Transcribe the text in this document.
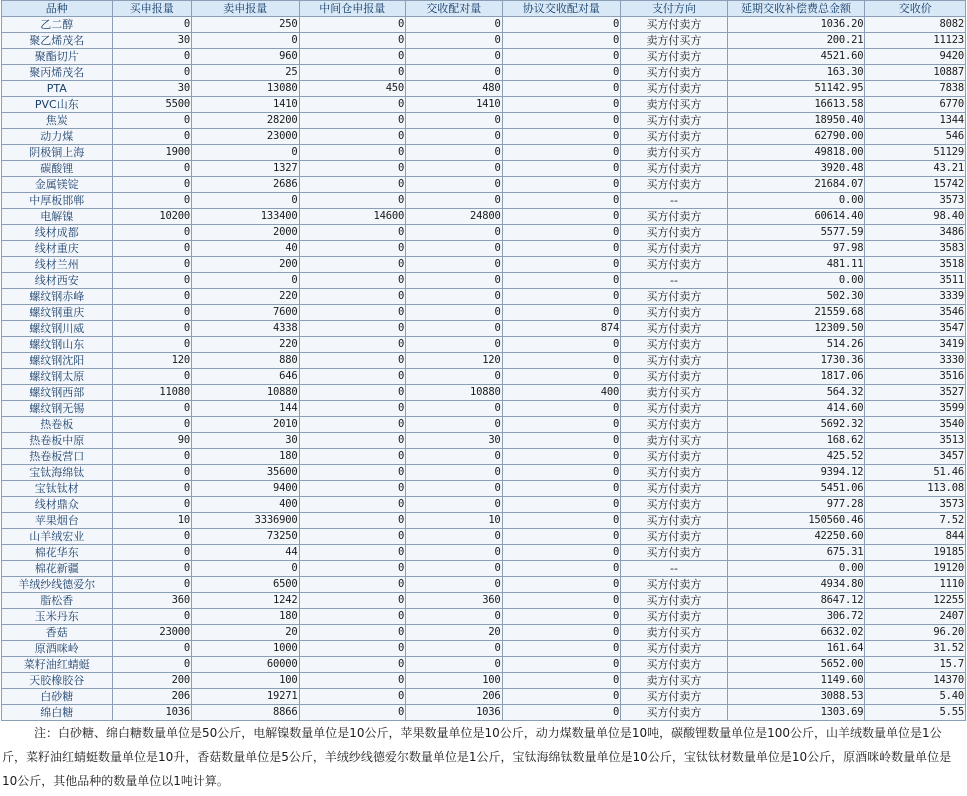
品种	买申报量	卖申报量	中间仓申报量	交收配对量	协议交收配对量	支付方向	延期交收补偿费总金额	交收价
乙二醇	0	250	0	0	0	买方付卖方	1036.20	8082
聚乙烯茂名	30	0	0	0	0	卖方付买方	200.21	11123
聚酯切片	0	960	0	0	0	买方付卖方	4521.60	9420
聚丙烯茂名	0	25	0	0	0	买方付卖方	163.30	10887
PTA	30	13080	450	480	0	买方付卖方	51142.95	7838
PVC山东	5500	1410	0	1410	0	卖方付买方	16613.58	6770
焦炭	0	28200	0	0	0	买方付卖方	18950.40	1344
动力煤	0	23000	0	0	0	买方付卖方	62790.00	546
阴极铜上海	1900	0	0	0	0	卖方付买方	49818.00	51129
碳酸锂	0	1327	0	0	0	买方付卖方	3920.48	43.21
金属镁锭	0	2686	0	0	0	买方付卖方	21684.07	15742
中厚板邯郸	0	0	0	0	0	--	0.00	3573
电解镍	10200	133400	14600	24800	0	买方付卖方	60614.40	98.40
线材成都	0	2000	0	0	0	买方付卖方	5577.59	3486
线材重庆	0	40	0	0	0	买方付卖方	97.98	3583
线材兰州	0	200	0	0	0	买方付卖方	481.11	3518
线材西安	0	0	0	0	0	--	0.00	3511
螺纹钢赤峰	0	220	0	0	0	买方付卖方	502.30	3339
螺纹钢重庆	0	7600	0	0	0	买方付卖方	21559.68	3546
螺纹钢川威	0	4338	0	0	874	买方付卖方	12309.50	3547
螺纹钢山东	0	220	0	0	0	买方付卖方	514.26	3419
螺纹钢沈阳	120	880	0	120	0	买方付卖方	1730.36	3330
螺纹钢太原	0	646	0	0	0	买方付卖方	1817.06	3516
螺纹钢西部	11080	10880	0	10880	400	卖方付买方	564.32	3527
螺纹钢无锡	0	144	0	0	0	买方付卖方	414.60	3599
热卷板	0	2010	0	0	0	买方付卖方	5692.32	3540
热卷板中原	90	30	0	30	0	卖方付买方	168.62	3513
热卷板营口	0	180	0	0	0	买方付卖方	425.52	3457
宝钛海绵钛	0	35600	0	0	0	买方付卖方	9394.12	51.46
宝钛钛材	0	9400	0	0	0	买方付卖方	5451.06	113.08
线材鼎众	0	400	0	0	0	买方付卖方	977.28	3573
苹果烟台	10	3336900	0	10	0	买方付卖方	150560.46	7.52
山羊绒宏业	0	73250	0	0	0	买方付卖方	42250.60	844
棉花华东	0	44	0	0	0	买方付卖方	675.31	19185
棉花新疆	0	0	0	0	0	--	0.00	19120
羊绒纱线德爱尔	0	6500	0	0	0	买方付卖方	4934.80	1110
脂松香	360	1242	0	360	0	买方付卖方	8647.12	12255
玉米丹东	0	180	0	0	0	买方付卖方	306.72	2407
香菇	23000	20	0	20	0	卖方付买方	6632.02	96.20
原酒咪岭	0	1000	0	0	0	买方付卖方	161.64	31.52
菜籽油红蜻蜓	0	60000	0	0	0	买方付卖方	5652.00	15.7
天胶橡胶谷	200	100	0	100	0	卖方付买方	1149.60	14370
白砂糖	206	19271	0	206	0	买方付卖方	3088.53	5.40
绵白糖	1036	8866	0	1036	0	买方付卖方	1303.69	5.55
注：白砂糖、绵白糖数量单位是50公斤，电解镍数量单位是10公斤，苹果数量单位是10公斤，动力煤数量单位是10吨，碳酸锂数量单位是100公斤，山羊绒数量单位是1公斤，菜籽油红蜻蜓数量单位是10升，香菇数量单位是5公斤，羊绒纱线德爱尔数量单位是1公斤，宝钛海绵钛数量单位是10公斤，宝钛钛材数量单位是10公斤，原酒咪岭数量单位是10公斤，其他品种的数量单位以1吨计算。
